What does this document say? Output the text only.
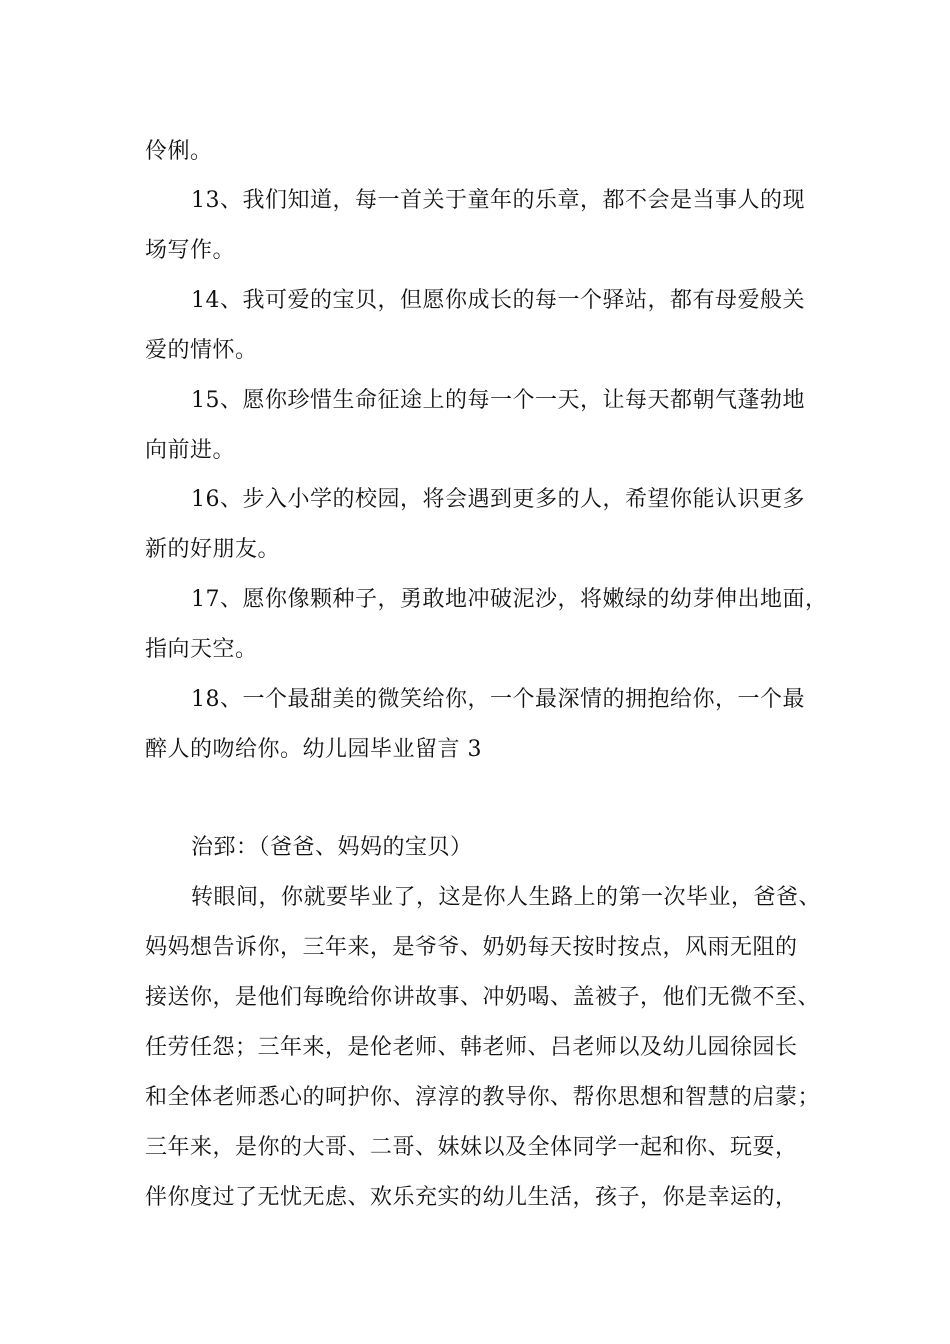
伶俐。
13、我们知道，每一首关于童年的乐章，都不会是当事人的现
场写作。
14、我可爱的宝贝，但愿你成长的每一个驿站，都有母爱般关
爱的情怀。
15、愿你珍惜生命征途上的每一个一天，让每天都朝气蓬勃地
向前进。
16、步入小学的校园，将会遇到更多的人，希望你能认识更多
新的好朋友。
17、愿你像颗种子，勇敢地冲破泥沙，将嫩绿的幼芽伸出地面，
指向天空。
18、一个最甜美的微笑给你，一个最深情的拥抱给你，一个最
醉人的吻给你。幼儿园毕业留言 3
治郅：（爸爸、妈妈的宝贝）
转眼间，你就要毕业了，这是你人生路上的第一次毕业，爸爸、
妈妈想告诉你，三年来，是爷爷、奶奶每天按时按点，风雨无阻的
接送你，是他们每晚给你讲故事、冲奶喝、盖被子，他们无微不至、
任劳任怨；三年来，是伦老师、韩老师、吕老师以及幼儿园徐园长
和全体老师悉心的呵护你、淳淳的教导你、帮你思想和智慧的启蒙；
三年来，是你的大哥、二哥、妹妹以及全体同学一起和你、玩耍，
伴你度过了无忧无虑、欢乐充实的幼儿生活，孩子，你是幸运的，
